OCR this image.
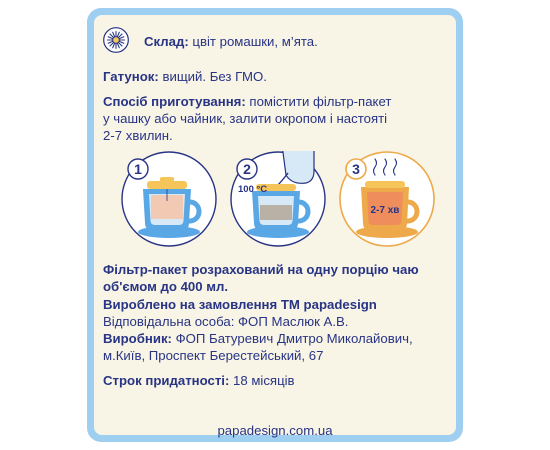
Склад: цвіт ромашки, м’ята.

Гатунок: вищий. Без ГМО.

Спосіб приготування: помістити фільтр-пакет
у чашку або чайник, залити окропом і настоятi
2-7 хвилин.

1	2
100 °C
2-7 хв
3

Фільтр-пакет розрахований на одну порцію чаю
об'ємом до 400 мл.

Вироблено на замовлення ТМ papadesign
Відповідальна особа: ФОП Маслюк А.В.
Виробник: ФОП Батуревич Дмитро Миколайович,
м.Київ, Проспект Берестейський, 67

Строк придатності: 18 місяців

papadesign.com.ua
